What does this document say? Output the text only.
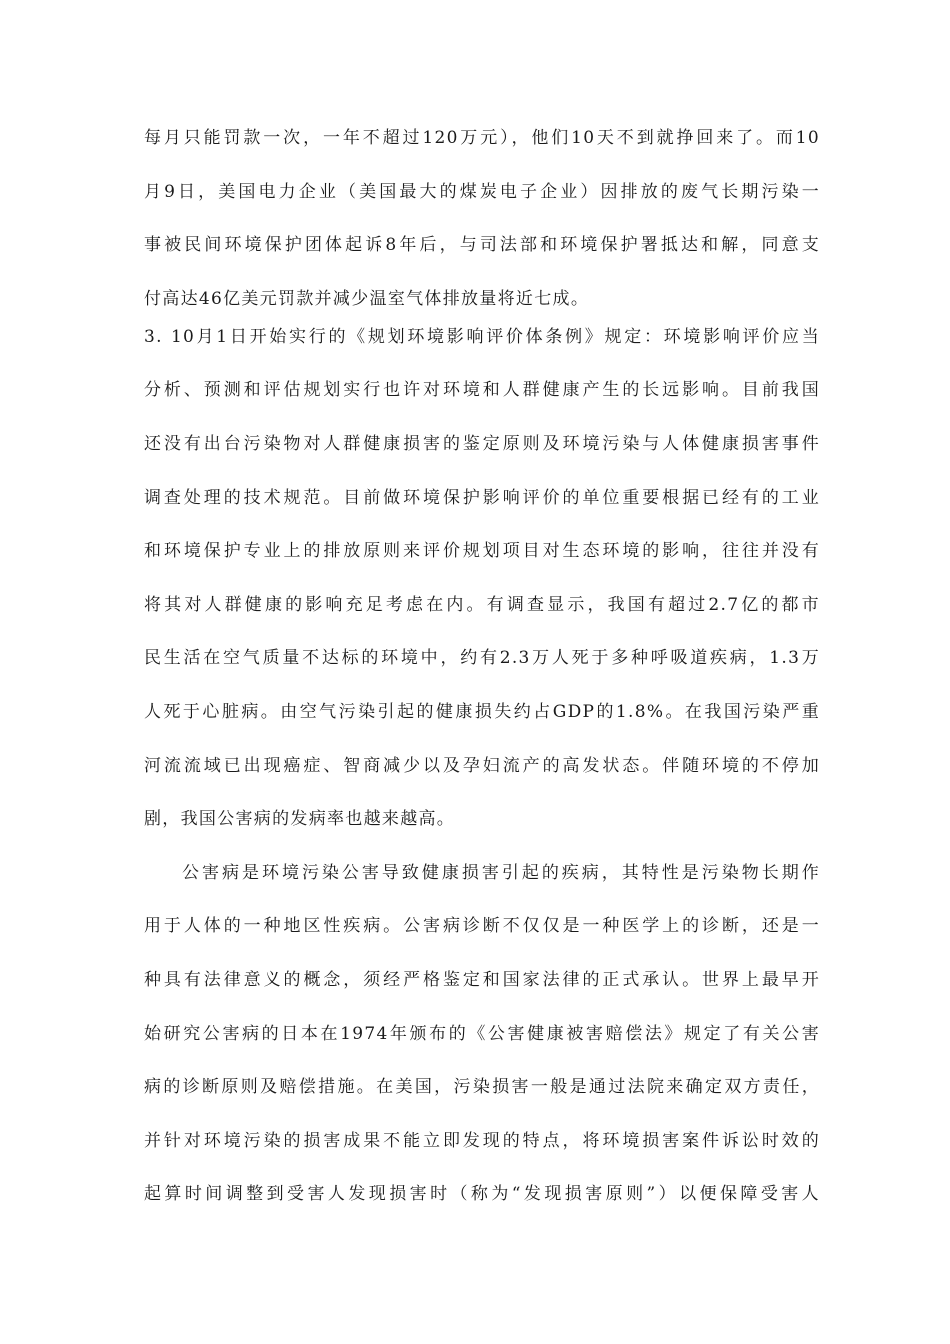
每月只能罚款一次，一年不超过120万元），他们10天不到就挣回来了。而10
月9日，美国电力企业（美国最大的煤炭电子企业）因排放的废气长期污染一
事被民间环境保护团体起诉8年后，与司法部和环境保护署抵达和解，同意支
付高达46亿美元罚款并减少温室气体排放量将近七成。
3. 10月1日开始实行的《规划环境影响评价体条例》规定：环境影响评价应当
分析、预测和评估规划实行也许对环境和人群健康产生的长远影响。目前我国
还没有出台污染物对人群健康损害的鉴定原则及环境污染与人体健康损害事件
调查处理的技术规范。目前做环境保护影响评价的单位重要根据已经有的工业
和环境保护专业上的排放原则来评价规划项目对生态环境的影响，往往并没有
将其对人群健康的影响充足考虑在内。有调查显示，我国有超过2.7亿的都市
民生活在空气质量不达标的环境中，约有2.3万人死于多种呼吸道疾病，1.3万
人死于心脏病。由空气污染引起的健康损失约占GDP的1.8%。在我国污染严重
河流流域已出现癌症、智商减少以及孕妇流产的高发状态。伴随环境的不停加
剧，我国公害病的发病率也越来越高。
公害病是环境污染公害导致健康损害引起的疾病，其特性是污染物长期作
用于人体的一种地区性疾病。公害病诊断不仅仅是一种医学上的诊断，还是一
种具有法律意义的概念，须经严格鉴定和国家法律的正式承认。世界上最早开
始研究公害病的日本在1974年颁布的《公害健康被害赔偿法》规定了有关公害
病的诊断原则及赔偿措施。在美国，污染损害一般是通过法院来确定双方责任，
并针对环境污染的损害成果不能立即发现的特点，将环境损害案件诉讼时效的
起算时间调整到受害人发现损害时（称为“发现损害原则”）以便保障受害人
